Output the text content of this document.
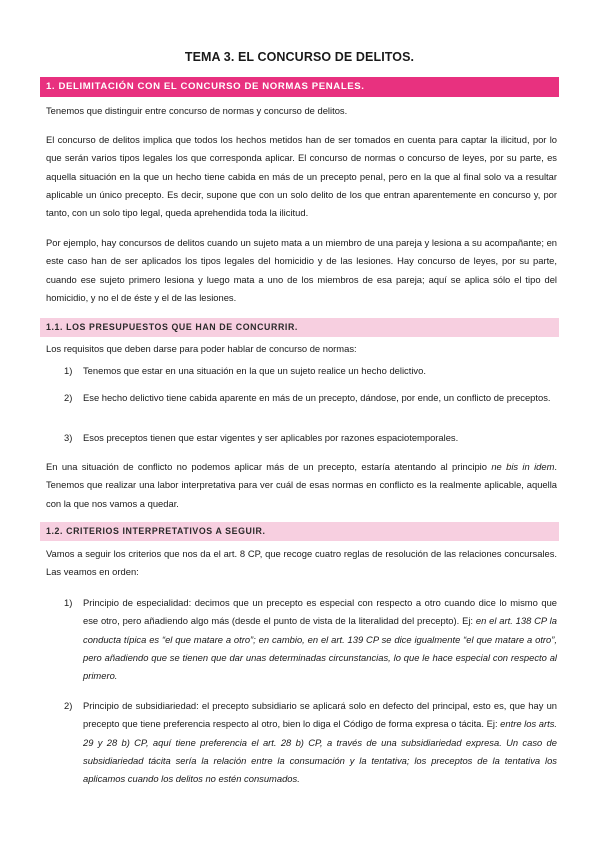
TEMA 3. EL CONCURSO DE DELITOS.
1. DELIMITACIÓN CON EL CONCURSO DE NORMAS PENALES.

Tenemos que distinguir entre concurso de normas y concurso de delitos.

El concurso de delitos implica que todos los hechos metidos han de ser tomados en cuenta para captar la ilicitud, por lo que serán varios tipos legales los que corresponda aplicar. El concurso de normas o concurso de leyes, por su parte, es aquella situación en la que un hecho tiene cabida en más de un precepto penal, pero en la que al final solo va a resultar aplicable un único precepto. Es decir, supone que con un solo delito de los que entran aparentemente en concurso y, por tanto, con un solo tipo legal, queda aprehendida toda la ilicitud.

Por ejemplo, hay concursos de delitos cuando un sujeto mata a un miembro de una pareja y lesiona a su acompañante; en este caso han de ser aplicados los tipos legales del homicidio y de las lesiones. Hay concurso de leyes, por su parte, cuando ese sujeto primero lesiona y luego mata a uno de los miembros de esa pareja; aquí se aplica sólo el tipo del homicidio, y no el de éste y el de las lesiones.

1.1. LOS PRESUPUESTOS QUE HAN DE CONCURRIR.

Los requisitos que deben darse para poder hablar de concurso de normas:

1)	Tenemos que estar en una situación en la que un sujeto realice un hecho delictivo.
2)	Ese hecho delictivo tiene cabida aparente en más de un precepto, dándose, por ende, un conflicto de preceptos.
3)	Esos preceptos tienen que estar vigentes y ser aplicables por razones espaciotemporales.

En una situación de conflicto no podemos aplicar más de un precepto, estaría atentando al principio ne bis in idem. Tenemos que realizar una labor interpretativa para ver cuál de esas normas en conflicto es la realmente aplicable, aquella con la que nos vamos a quedar.

1.2. CRITERIOS INTERPRETATIVOS A SEGUIR.

Vamos a seguir los criterios que nos da el art. 8 CP, que recoge cuatro reglas de resolución de las relaciones concursales. Las veamos en orden:

1)	Principio de especialidad: decimos que un precepto es especial con respecto a otro cuando dice lo mismo que ese otro, pero añadiendo algo más (desde el punto de vista de la literalidad del precepto). Ej: en el art. 138 CP la conducta típica es “el que matare a otro”; en cambio, en el art. 139 CP se dice igualmente “el que matare a otro”, pero añadiendo que se tienen que dar unas determinadas circunstancias, lo que le hace especial con respecto al primero.
2)	Principio de subsidiariedad: el precepto subsidiario se aplicará solo en defecto del principal, esto es, que hay un precepto que tiene preferencia respecto al otro, bien lo diga el Código de forma expresa o tácita. Ej: entre los arts. 29 y 28 b) CP, aquí tiene preferencia el art. 28 b) CP, a través de una subsidiariedad expresa. Un caso de subsidiariedad tácita sería la relación entre la consumación y la tentativa; los preceptos de la tentativa los aplicamos cuando los delitos no estén consumados.
